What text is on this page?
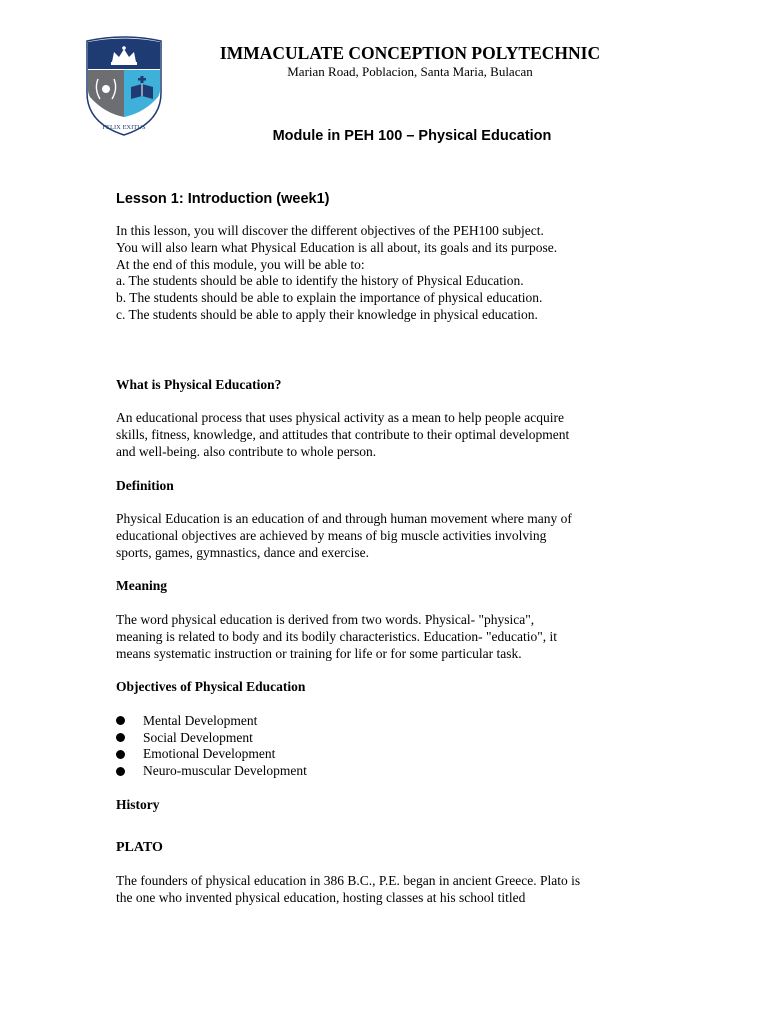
FELIX EXITUS
IMMACULATE CONCEPTION POLYTECHNIC
Marian Road, Poblacion, Santa Maria, Bulacan
Module in PEH 100 – Physical Education
Lesson 1: Introduction (week1)

In this lesson, you will discover the different objectives of the PEH100 subject.
You will also learn what Physical Education is all about, its goals and its purpose.
At the end of this module, you will be able to:
a. The students should be able to identify the history of Physical Education.
b. The students should be able to explain the importance of physical education.
c. The students should be able to apply their knowledge in physical education.

What is Physical Education?

An educational process that uses physical activity as a mean to help people acquire
skills, fitness, knowledge, and attitudes that contribute to their optimal development
and well-being. also contribute to whole person.

Definition

Physical Education is an education of and through human movement where many of
educational objectives are achieved by means of big muscle activities involving
sports, games, gymnastics, dance and exercise.

Meaning

The word physical education is derived from two words. Physical- "physica",
meaning is related to body and its bodily characteristics. Education- "educatio", it
means systematic instruction or training for life or for some particular task.

Objectives of Physical Education
Mental Development
Social Development
Emotional Development
Neuro-muscular Development
History
PLATO

The founders of physical education in 386 B.C., P.E. began in ancient Greece. Plato is
the one who invented physical education, hosting classes at his school titled
